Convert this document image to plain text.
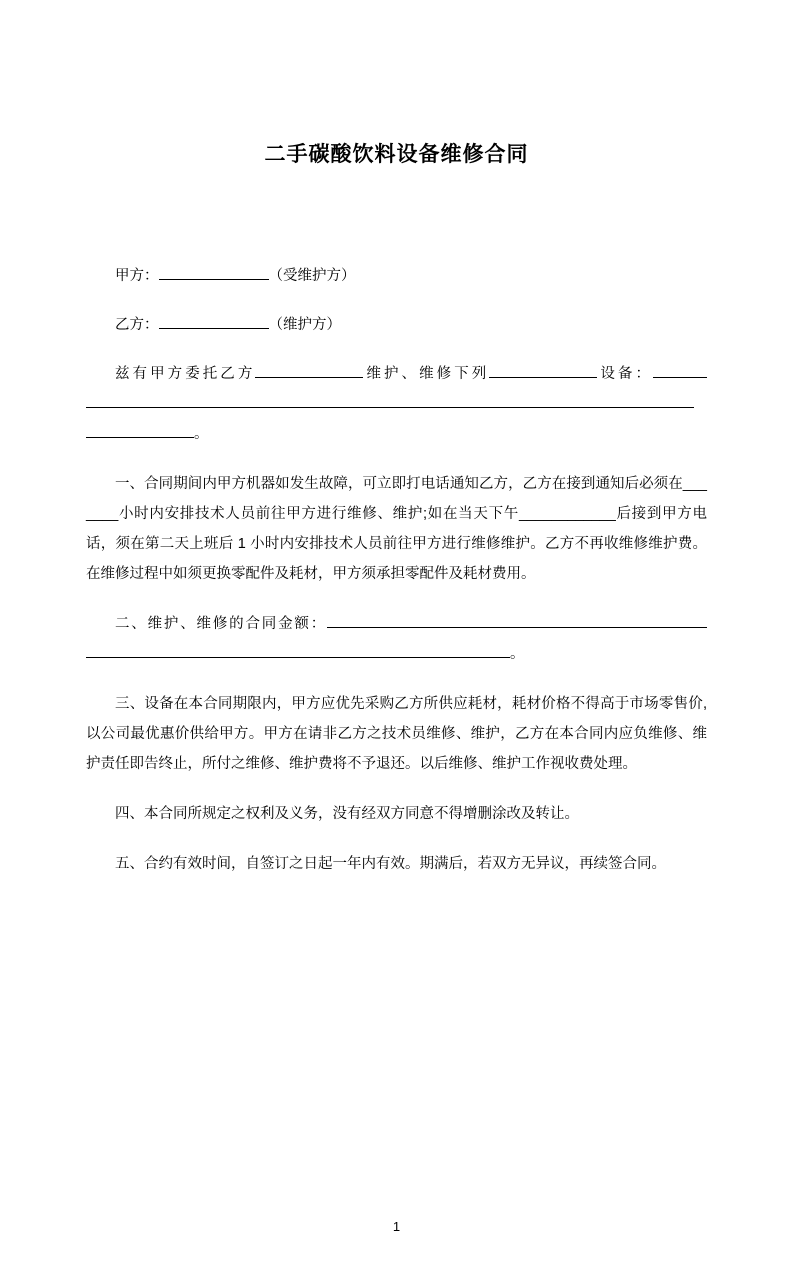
二手碳酸饮料设备维修合同

甲方：	（受维护方）

乙方：	（维护方）

兹有甲方委托乙方	维护、维修下列	设备：。

一、合同期间内甲方机器如发生故障，可立即打电话通知乙方，乙方在接到通知后必须在_______小时内安排技术人员前往甲方进行维修、维护;如在当天下午____________后接到甲方电话，须在第二天上班后 1 小时内安排技术人员前往甲方进行维修维护。乙方不再收维修维护费。在维修过程中如须更换零配件及耗材，甲方须承担零配件及耗材费用。

二、维护、维修的合同金额：。

三、设备在本合同期限内，甲方应优先采购乙方所供应耗材，耗材价格不得高于市场零售价, 以公司最优惠价供给甲方。甲方在请非乙方之技术员维修、维护，乙方在本合同内应负维修、维护责任即告终止，所付之维修、维护费将不予退还。以后维修、维护工作视收费处理。

四、本合同所规定之权利及义务，没有经双方同意不得增删涂改及转让。

五、合约有效时间，自签订之日起一年内有效。期满后，若双方无异议，再续签合同。

1
